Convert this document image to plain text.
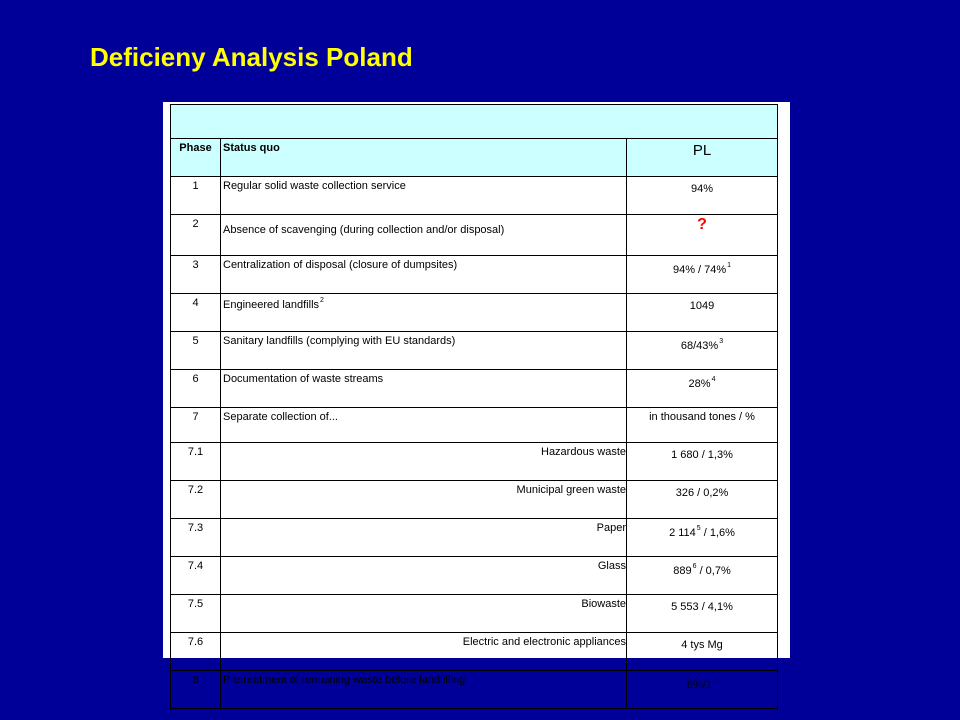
Deficieny Analysis Poland

Phase	Status quo	PL
1	Regular solid waste collection service	94%
2	Absence of scavenging (during collection and/or disposal)	?
3	Centralization of disposal (closure of dumpsites)	94% / 74%$^1$
4	Engineered landfills$^2$	1049
5	Sanitary landfills (complying with EU standards)	68/43%$^3$
6	Documentation of waste streams	28%$^4$
7	Separate collection of...	in thousand tones / %
7.1	Hazardous waste	1 680 / 1,3%
7.2	Municipal green waste	326 / 0,2%
7.3	Paper	2 $114^5 / 1,6\%$
7.4	Glass	$889^6 / 0,7\%$
7.5	Biowaste	5 553 / 4,1%
7.6	Electric and electronic appliances	4 tys Mg
8	Pretreatment of remaining waste before landfilling	$8\%/1^7$
